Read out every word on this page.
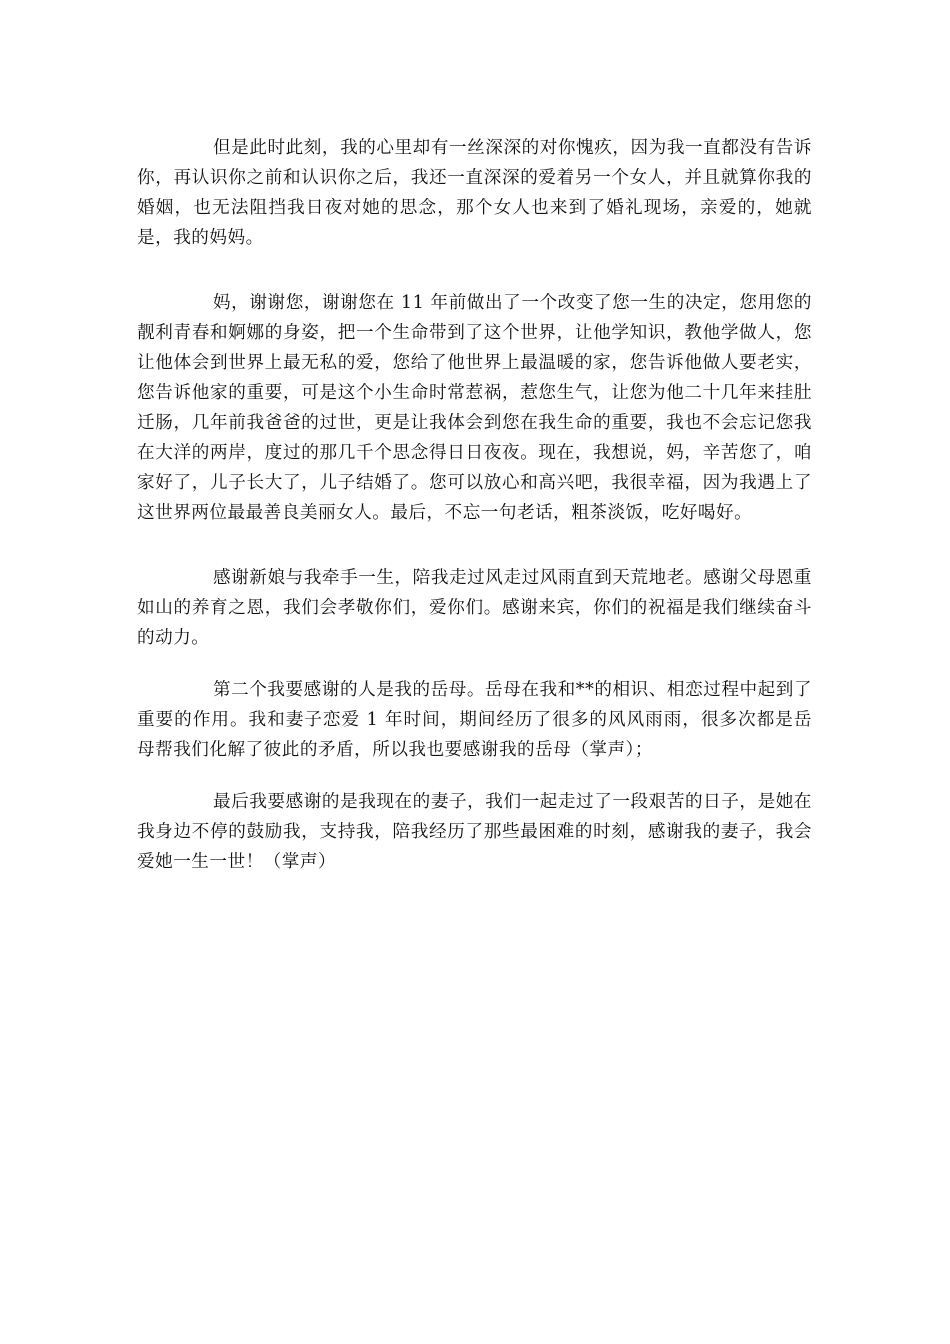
但是此时此刻，我的心里却有一丝深深的对你愧疚，因为我一直都没有告诉你，再认识你之前和认识你之后，我还一直深深的爱着另一个女人，并且就算你我的婚姻，也无法阻挡我日夜对她的思念，那个女人也来到了婚礼现场，亲爱的，她就是，我的妈妈。

妈，谢谢您，谢谢您在 11 年前做出了一个改变了您一生的决定，您用您的靓利青春和婀娜的身姿，把一个生命带到了这个世界，让他学知识，教他学做人，您让他体会到世界上最无私的爱，您给了他世界上最温暖的家，您告诉他做人要老实，您告诉他家的重要，可是这个小生命时常惹祸，惹您生气，让您为他二十几年来挂肚迁肠，几年前我爸爸的过世，更是让我体会到您在我生命的重要，我也不会忘记您我在大洋的两岸，度过的那几千个思念得日日夜夜。现在，我想说，妈，辛苦您了，咱家好了，儿子长大了，儿子结婚了。您可以放心和高兴吧，我很幸福，因为我遇上了这世界两位最最善良美丽女人。最后，不忘一句老话，粗茶淡饭，吃好喝好。

感谢新娘与我牵手一生，陪我走过风走过风雨直到天荒地老。感谢父母恩重如山的养育之恩，我们会孝敬你们，爱你们。感谢来宾，你们的祝福是我们继续奋斗的动力。

第二个我要感谢的人是我的岳母。岳母在我和**的相识、相恋过程中起到了重要的作用。我和妻子恋爱 1 年时间，期间经历了很多的风风雨雨，很多次都是岳母帮我们化解了彼此的矛盾，所以我也要感谢我的岳母（掌声）；

最后我要感谢的是我现在的妻子，我们一起走过了一段艰苦的日子，是她在我身边不停的鼓励我，支持我，陪我经历了那些最困难的时刻，感谢我的妻子，我会爱她一生一世！（掌声）
